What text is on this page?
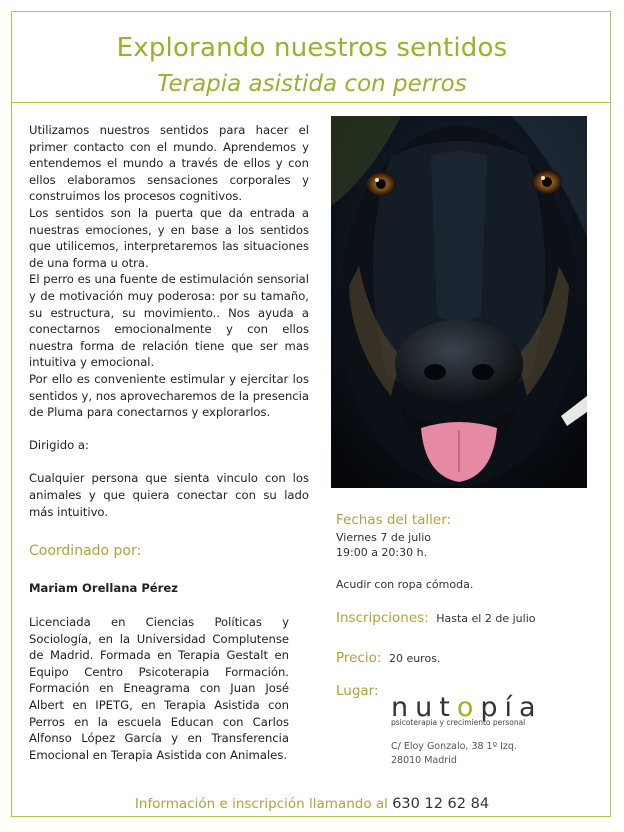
Explorando nuestros sentidos
Terapia asistida con perros

Utilizamos nuestros sentidos para hacer el primer contacto con el mundo. Aprendemos y entendemos el mundo a través de ellos y con ellos elaboramos sensaciones corporales y construimos los procesos cognitivos.

Los sentidos son la puerta que da entrada a nuestras emociones, y en base a los sentidos que utilicemos, interpretaremos las situaciones de una forma u otra.

El perro es una fuente de estimulación sensorial y de motivación muy poderosa: por su tamaño, su estructura, su movimiento.. Nos ayuda a conectarnos emocionalmente y con ellos nuestra forma de relación tiene que ser mas intuitiva y emocional.

Por ello es conveniente estimular y ejercitar los sentidos y, nos aprovecharemos de la presencia de Pluma para conectarnos y explorarlos.

Dirigido a:

Cualquier persona que sienta vinculo con los animales y que quiera conectar con su lado más intuitivo.

Coordinado por:
Mariam Orellana Pérez
Licenciada en Ciencias Políticas y Sociología, en la Universidad Complutense de Madrid. Formada en Terapia Gestalt en Equipo Centro Psicoterapia Formación. Formación en Eneagrama con Juan José Albert en IPETG, en Terapia Asistida con Perros en la escuela Educan con Carlos Alfonso López García y en Transferencia Emocional en Terapia Asistida con Animales.
Fechas del taller:
Viernes 7 de julio
19:00 a 20:30 h.
Acudir con ropa cómoda.
Inscripciones: Hasta el 2 de julio
Precio: 20 euros.
Lugar:
nutopía
psicoterapia y crecimiento personal
C/ Eloy Gonzalo, 38 1º Izq.
28010 Madrid
Información e inscripción llamando al 630 12 62 84
